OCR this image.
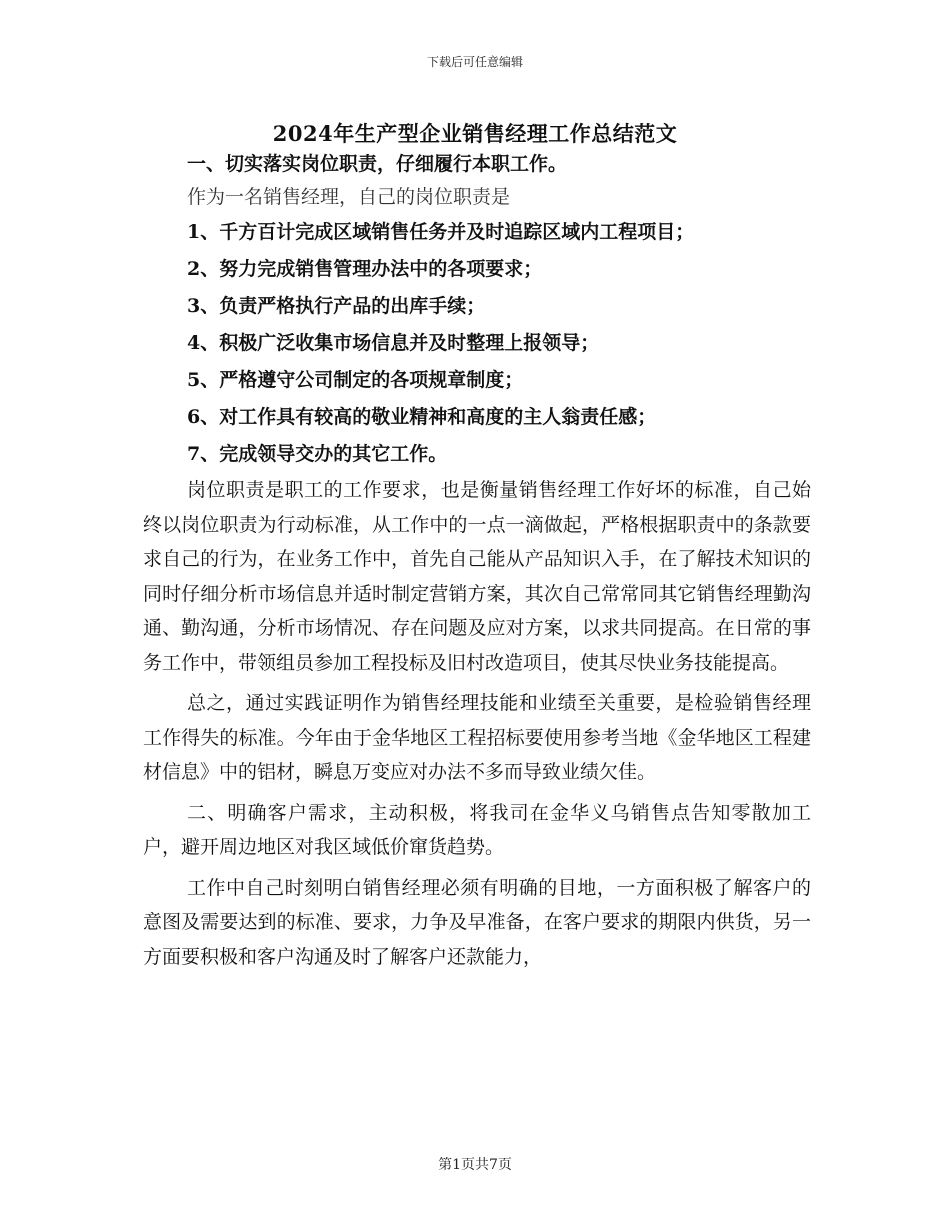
下载后可任意编辑
2024年生产型企业销售经理工作总结范文
一、切实落实岗位职责，仔细履行本职工作。
作为一名销售经理，自己的岗位职责是
1、千方百计完成区域销售任务并及时追踪区域内工程项目；
2、努力完成销售管理办法中的各项要求；
3、负责严格执行产品的出库手续；
4、积极广泛收集市场信息并及时整理上报领导；
5、严格遵守公司制定的各项规章制度；
6、对工作具有较高的敬业精神和高度的主人翁责任感；
7、完成领导交办的其它工作。

岗位职责是职工的工作要求，也是衡量销售经理工作好坏的标准，自己始终以岗位职责为行动标准，从工作中的一点一滴做起，严格根据职责中的条款要求自己的行为，在业务工作中，首先自己能从产品知识入手，在了解技术知识的同时仔细分析市场信息并适时制定营销方案，其次自己常常同其它销售经理勤沟通、勤沟通，分析市场情况、存在问题及应对方案，以求共同提高。在日常的事务工作中，带领组员参加工程投标及旧村改造项目，使其尽快业务技能提高。

总之，通过实践证明作为销售经理技能和业绩至关重要，是检验销售经理工作得失的标准。今年由于金华地区工程招标要使用参考当地《金华地区工程建材信息》中的铝材，瞬息万变应对办法不多而导致业绩欠佳。

二、明确客户需求，主动积极，将我司在金华义乌销售点告知零散加工户，避开周边地区对我区域低价窜货趋势。

工作中自己时刻明白销售经理必须有明确的目地，一方面积极了解客户的意图及需要达到的标准、要求，力争及早准备，在客户要求的期限内供货，另一方面要积极和客户沟通及时了解客户还款能力，

第1页共7页
